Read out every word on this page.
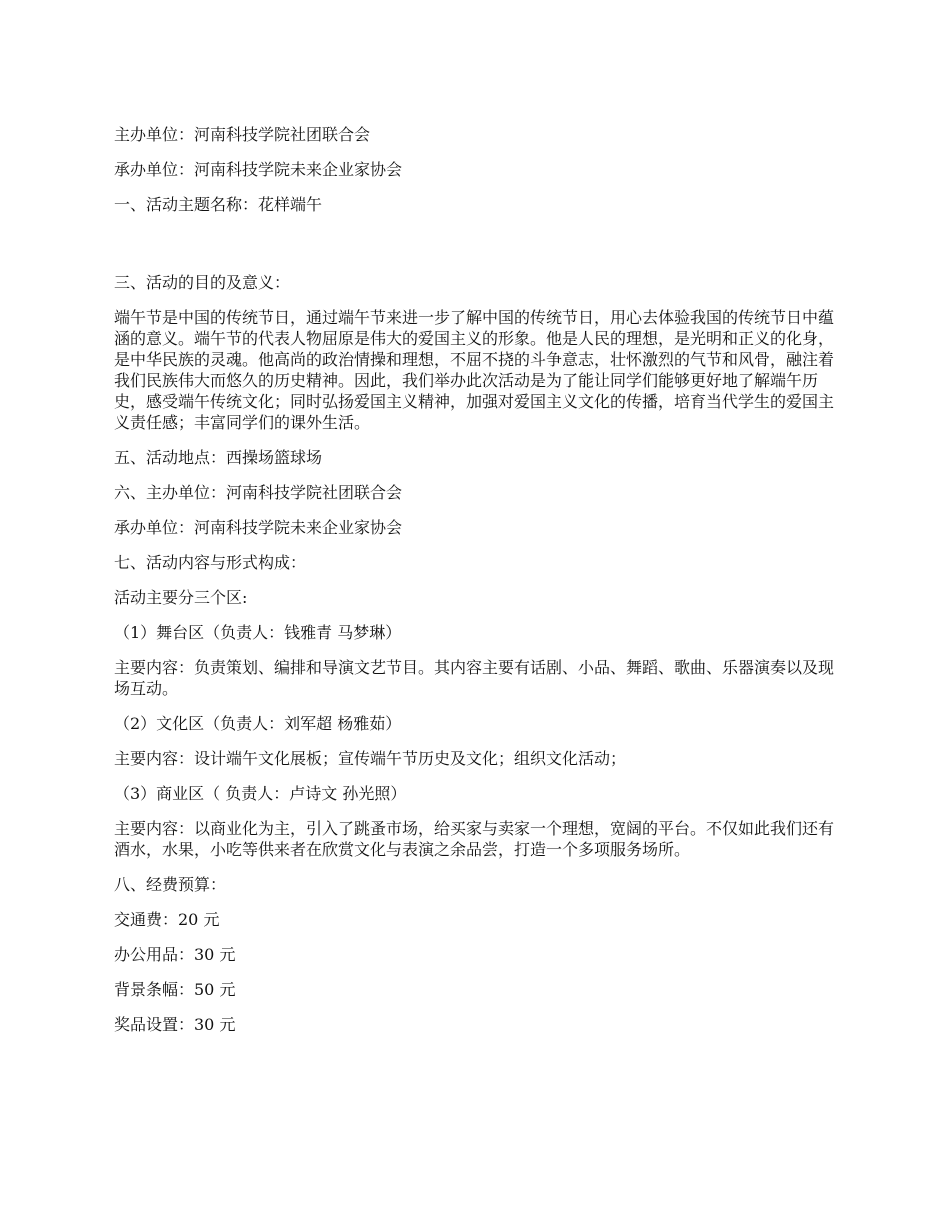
主办单位：河南科技学院社团联合会

承办单位：河南科技学院未来企业家协会

一、活动主题名称：花样端午

三、活动的目的及意义：

端午节是中国的传统节日，通过端午节来进一步了解中国的传统节日，用心去体验我国的传统节日中蕴涵的意义。端午节的代表人物屈原是伟大的爱国主义的形象。他是人民的理想，是光明和正义的化身，是中华民族的灵魂。他高尚的政治情操和理想，不屈不挠的斗争意志，壮怀激烈的气节和风骨，融注着我们民族伟大而悠久的历史精神。因此，我们举办此次活动是为了能让同学们能够更好地了解端午历史，感受端午传统文化；同时弘扬爱国主义精神，加强对爱国主义文化的传播，培育当代学生的爱国主义责任感；丰富同学们的课外生活。

五、活动地点：西操场篮球场

六、主办单位：河南科技学院社团联合会

承办单位：河南科技学院未来企业家协会

七、活动内容与形式构成：

活动主要分三个区:

（1）舞台区（负责人：钱雅青 马梦琳）

主要内容：负责策划、编排和导演文艺节目。其内容主要有话剧、小品、舞蹈、歌曲、乐器演奏以及现场互动。

（2）文化区（负责人：刘军超 杨雅茹）

主要内容：设计端午文化展板；宣传端午节历史及文化；组织文化活动；

（3）商业区（ 负责人：卢诗文 孙光照）

主要内容：以商业化为主，引入了跳蚤市场，给买家与卖家一个理想，宽阔的平台。不仅如此我们还有酒水，水果，小吃等供来者在欣赏文化与表演之余品尝，打造一个多项服务场所。

八、经费预算：

交通费：20 元

办公用品：30 元

背景条幅：50 元

奖品设置：30 元
